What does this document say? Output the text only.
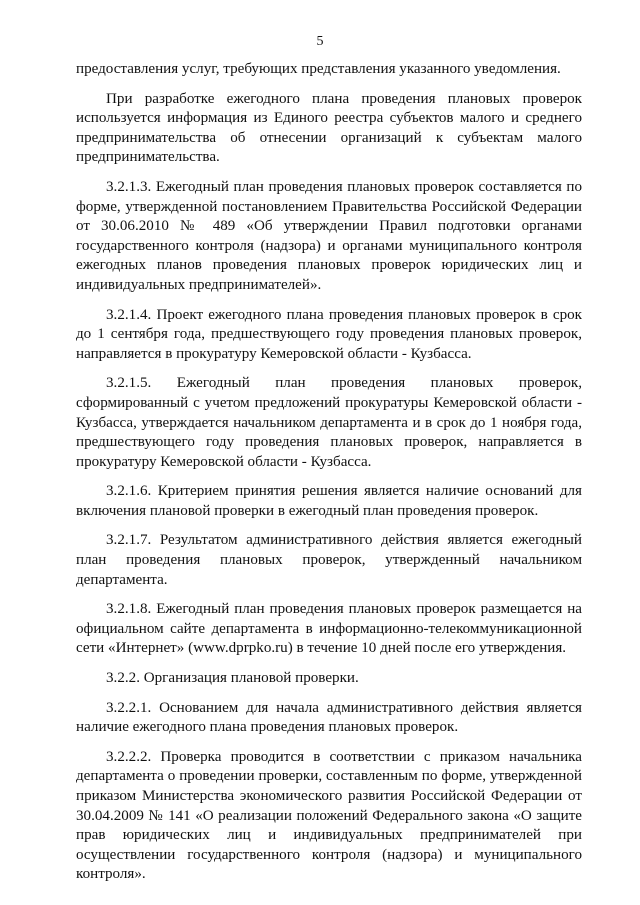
5

предоставления услуг, требующих представления указанного уведомления.

При разработке ежегодного плана проведения плановых проверок используется информация из Единого реестра субъектов малого и среднего предпринимательства об отнесении организаций к субъектам малого предпринимательства.

3.2.1.3. Ежегодный план проведения плановых проверок составляется по форме, утвержденной постановлением Правительства Российской Федерации от 30.06.2010 № 489 «Об утверждении Правил подготовки органами государственного контроля (надзора) и органами муниципального контроля ежегодных планов проведения плановых проверок юридических лиц и индивидуальных предпринимателей».

3.2.1.4. Проект ежегодного плана проведения плановых проверок в срок до 1 сентября года, предшествующего году проведения плановых проверок, направляется в прокуратуру Кемеровской области - Кузбасса.

3.2.1.5. Ежегодный план проведения плановых проверок, сформированный с учетом предложений прокуратуры Кемеровской области - Кузбасса, утверждается начальником департамента и в срок до 1 ноября года, предшествующего году проведения плановых проверок, направляется в прокуратуру Кемеровской области - Кузбасса.

3.2.1.6. Критерием принятия решения является наличие оснований для включения плановой проверки в ежегодный план проведения проверок.

3.2.1.7. Результатом административного действия является ежегодный план проведения плановых проверок, утвержденный начальником департамента.

3.2.1.8. Ежегодный план проведения плановых проверок размещается на официальном сайте департамента в информационно-телекоммуникационной сети «Интернет» (www.dprpko.ru) в течение 10 дней после его утверждения.

3.2.2. Организация плановой проверки.

3.2.2.1. Основанием для начала административного действия является наличие ежегодного плана проведения плановых проверок.

3.2.2.2. Проверка проводится в соответствии с приказом начальника департамента о проведении проверки, составленным по форме, утвержденной приказом Министерства экономического развития Российской Федерации от 30.04.2009 № 141 «О реализации положений Федерального закона «О защите прав юридических лиц и индивидуальных предпринимателей при осуществлении государственного контроля (надзора) и муниципального контроля».
